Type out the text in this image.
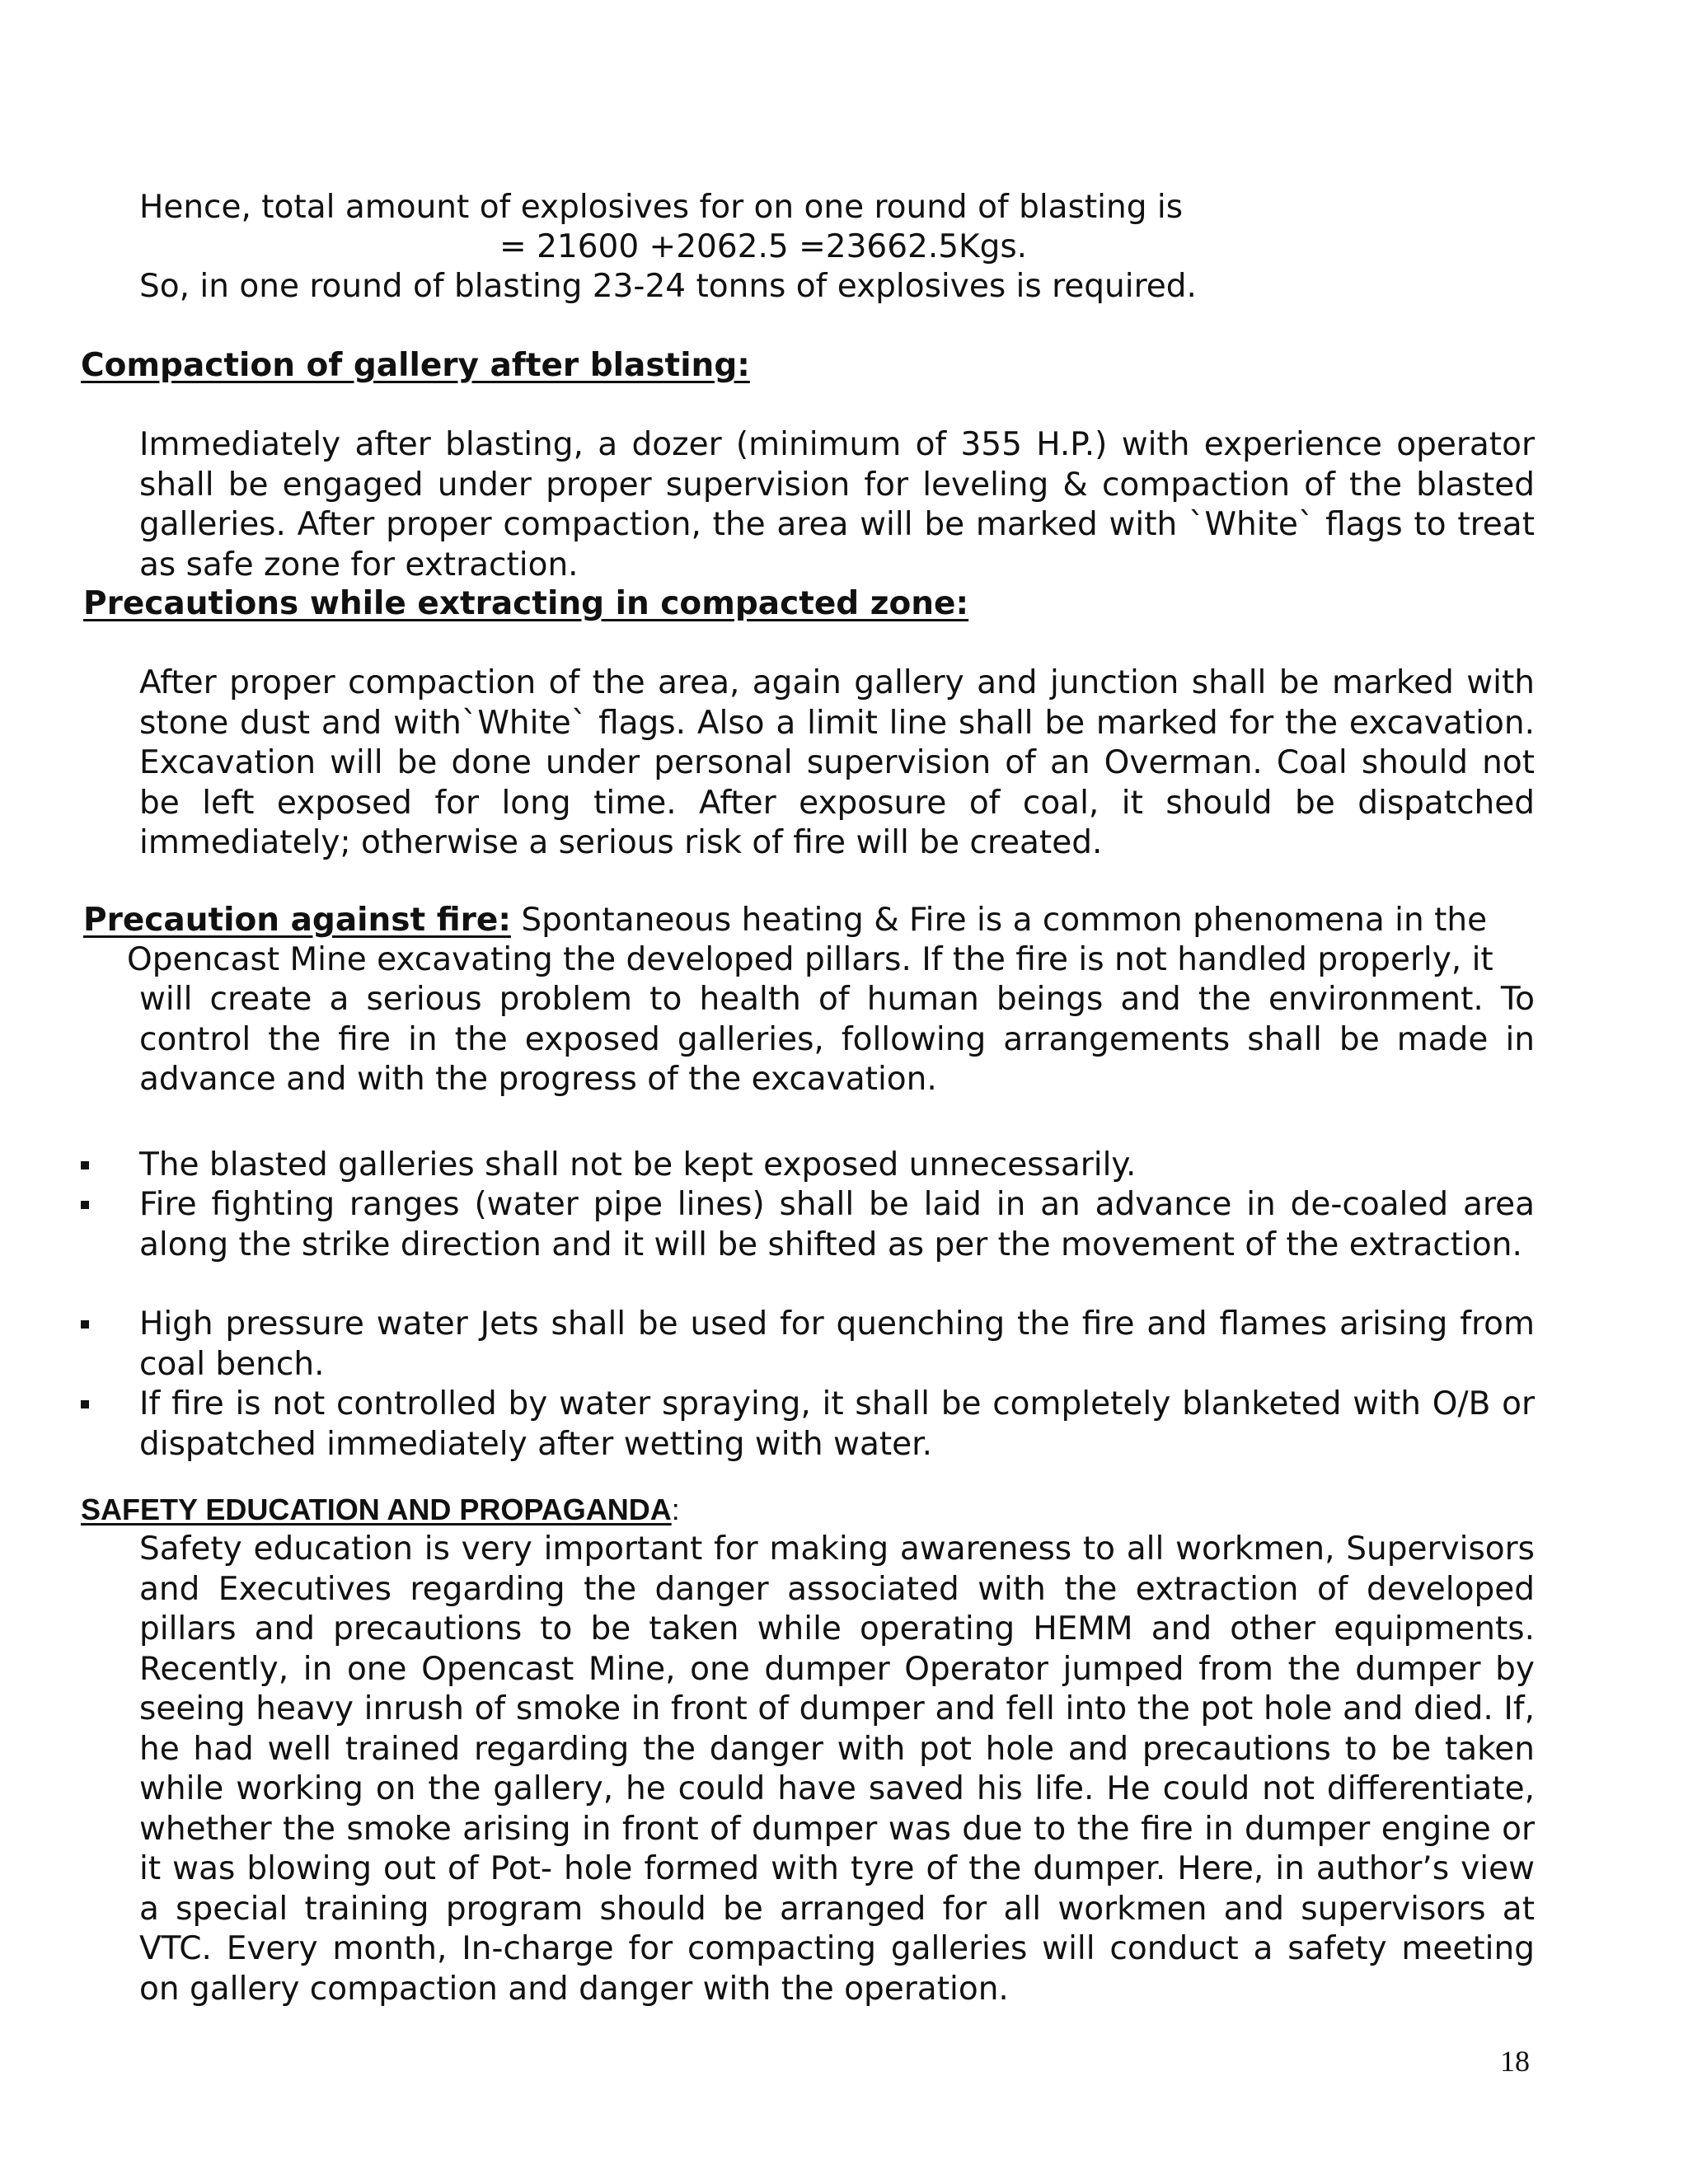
Hence, total amount of explosives for on one round of blasting is
= 21600 +2062.5 =23662.5Kgs.
So, in one round of blasting 23-24 tonns of explosives is required.
Compaction of gallery after blasting:
Immediately after blasting, a dozer (minimum of 355 H.P.) with experience operator shall be engaged under proper supervision for leveling & compaction of the blasted galleries. After proper compaction, the area will be marked with `White` flags to treat as safe zone for extraction.
Precautions while extracting in compacted zone:
After proper compaction of the area, again gallery and junction shall be marked with stone dust and with`White` flags. Also a limit line shall be marked for the excavation. Excavation will be done under personal supervision of an Overman. Coal should not be left exposed for long time. After exposure of coal, it should be dispatched immediately; otherwise a serious risk of fire will be created.
Precaution against fire: Spontaneous heating & Fire is a common phenomena in the
Opencast Mine excavating the developed pillars. If the fire is not handled properly, it
will create a serious problem to health of human beings and the environment. To control the fire in the exposed galleries, following arrangements shall be made in advance and with the progress of the excavation.
The blasted galleries shall not be kept exposed unnecessarily.
Fire fighting ranges (water pipe lines) shall be laid in an advance in de-coaled area along the strike direction and it will be shifted as per the movement of the extraction.
High pressure water Jets shall be used for quenching the fire and flames arising from coal bench.
If fire is not controlled by water spraying, it shall be completely blanketed with O/B or dispatched immediately after wetting with water.
SAFETY EDUCATION AND PROPAGANDA:
Safety education is very important for making awareness to all workmen, Supervisors and Executives regarding the danger associated with the extraction of developed pillars and precautions to be taken while operating HEMM and other equipments. Recently, in one Opencast Mine, one dumper Operator jumped from the dumper by seeing heavy inrush of smoke in front of dumper and fell into the pot hole and died. If, he had well trained regarding the danger with pot hole and precautions to be taken while working on the gallery, he could have saved his life. He could not differentiate, whether the smoke arising in front of dumper was due to the fire in dumper engine or it was blowing out of Pot- hole formed with tyre of the dumper. Here, in author’s view a special training program should be arranged for all workmen and supervisors at VTC. Every month, In-charge for compacting galleries will conduct a safety meeting on gallery compaction and danger with the operation.
18
